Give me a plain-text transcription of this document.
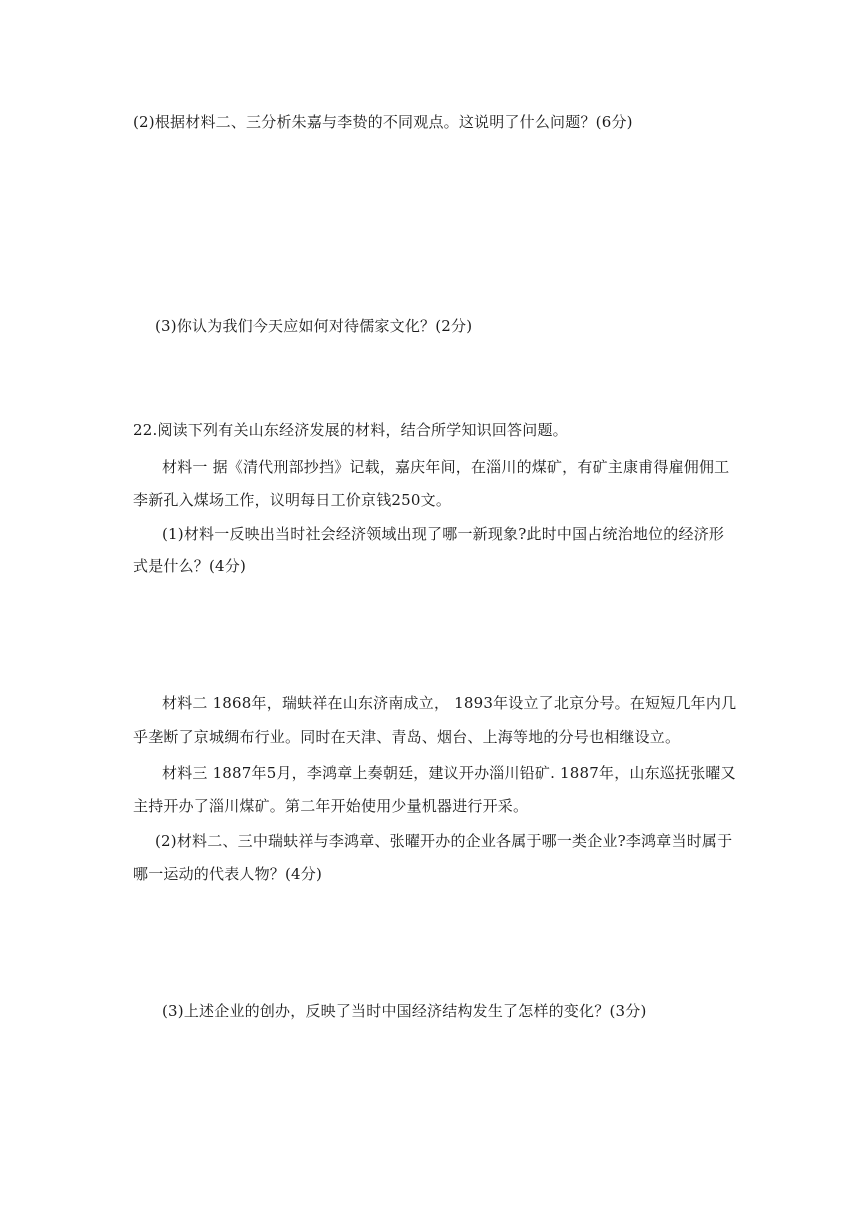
(2)根据材料二、三分析朱嘉与李贽的不同观点。这说明了什么问题？(6分)
(3)你认为我们今天应如何对待儒家文化？(2分)
22.阅读下列有关山东经济发展的材料，结合所学知识回答问题。
材料一 据《清代刑部抄挡》记载，嘉庆年间，在淄川的煤矿，有矿主康甫得雇佣佣工
李新孔入煤场工作，议明每日工价京钱250文。
(1)材料一反映出当时社会经济领域出现了哪一新现象?此时中国占统治地位的经济形
式是什么？(4分)
材料二 1868年，瑞蚨祥在山东济南成立， 1893年设立了北京分号。在短短几年内几
乎垄断了京城绸布行业。同时在天津、青岛、烟台、上海等地的分号也相继设立。
材料三 1887年5月，李鸿章上奏朝廷，建议开办淄川铅矿. 1887年，山东巡抚张曜又
主持开办了淄川煤矿。第二年开始使用少量机器进行开采。
(2)材料二、三中瑞蚨祥与李鸿章、张曜开办的企业各属于哪一类企业?李鸿章当时属于
哪一运动的代表人物？(4分)
(3)上述企业的创办，反映了当时中国经济结构发生了怎样的变化？(3分)
